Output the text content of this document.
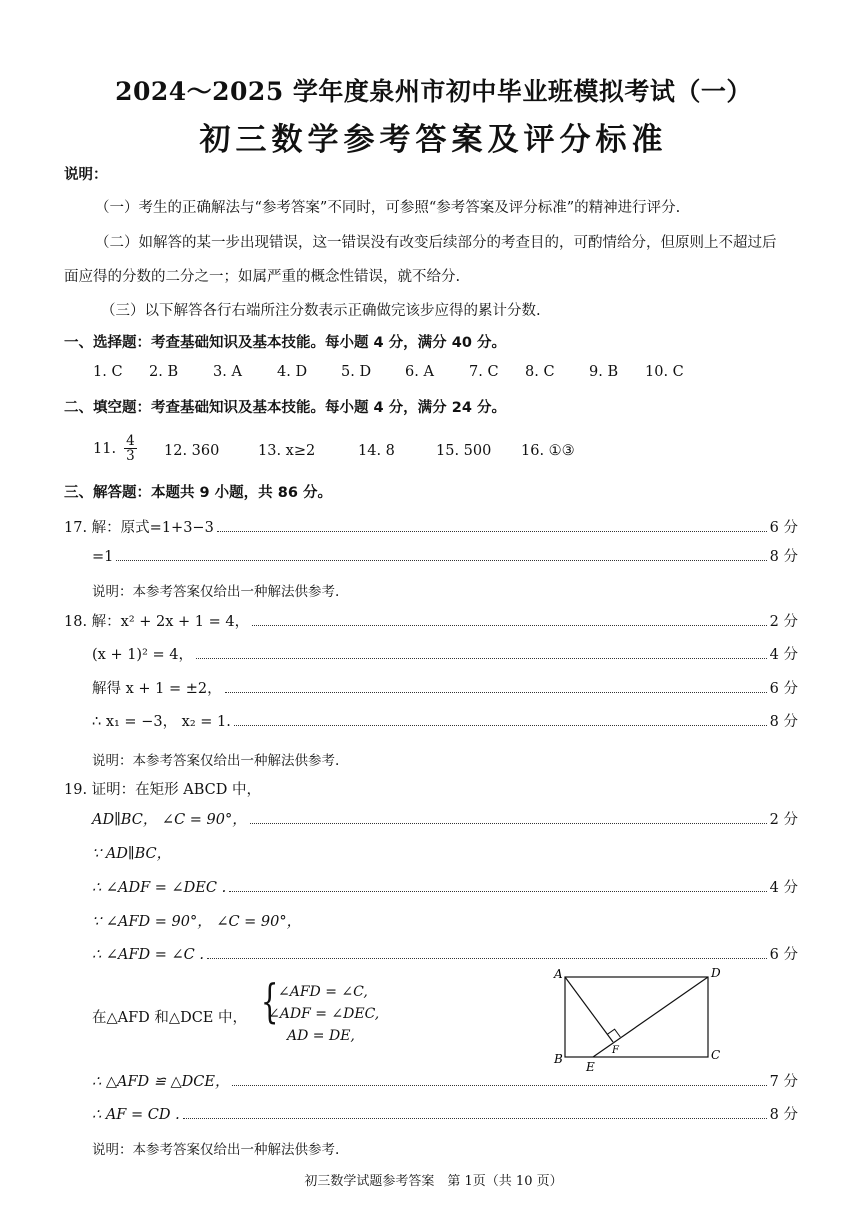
2024～2025 学年度泉州市初中毕业班模拟考试（一）
初三数学参考答案及评分标准
说明：
（一）考生的正确解法与“参考答案”不同时，可参照“参考答案及评分标准”的精神进行评分.
（二）如解答的某一步出现错误，这一错误没有改变后续部分的考查目的，可酌情给分，但原则上不超过后
面应得的分数的二分之一；如属严重的概念性错误，就不给分.
（三）以下解答各行右端所注分数表示正确做完该步应得的累计分数.
一、选择题：考查基础知识及基本技能。每小题 4 分，满分 40 分。
1. C 2. B 3. A 4. D 5. D 6. A 7. C 8. C 9. B 10. C
二、填空题：考查基础知识及基本技能。每小题 4 分，满分 24 分。
11. $\frac{4}{3} 12$. 360	13. x≥2	14. 8	15. 500 16. ①③
三、解答题：本题共 9 小题，共 86 分。
17. 解：原式=1+3−3	6 分
=1	8 分
说明：本参考答案仅给出一种解法供参考.
18. 解：x² + 2x + 1 = 4，	2 分
(x + 1)² = 4，	4 分
解得 x + 1 = ±2，	6 分
∴ x₁ = −3， x₂ = 1.	8 分
说明：本参考答案仅给出一种解法供参考.
19. 证明：在矩形 ABCD 中，
AD∥BC， ∠C = 90°，	2 分
∵ AD∥BC，
∴ ∠ADF = ∠DEC .	4 分
∵ ∠AFD = 90°， ∠C = 90°，
∴ ∠AFD = ∠C .	6 分
在△AFD 和△DCE 中， { ∠AFD = ∠C,
∠ADF = ∠DEC,
AD = DE,
A	D
B	C
E
F
∴ △AFD ≌ △DCE，	7 分
∴ AF = CD .	8 分
说明：本参考答案仅给出一种解法供参考.
初三数学试题参考答案　第 1页（共 10 页）
